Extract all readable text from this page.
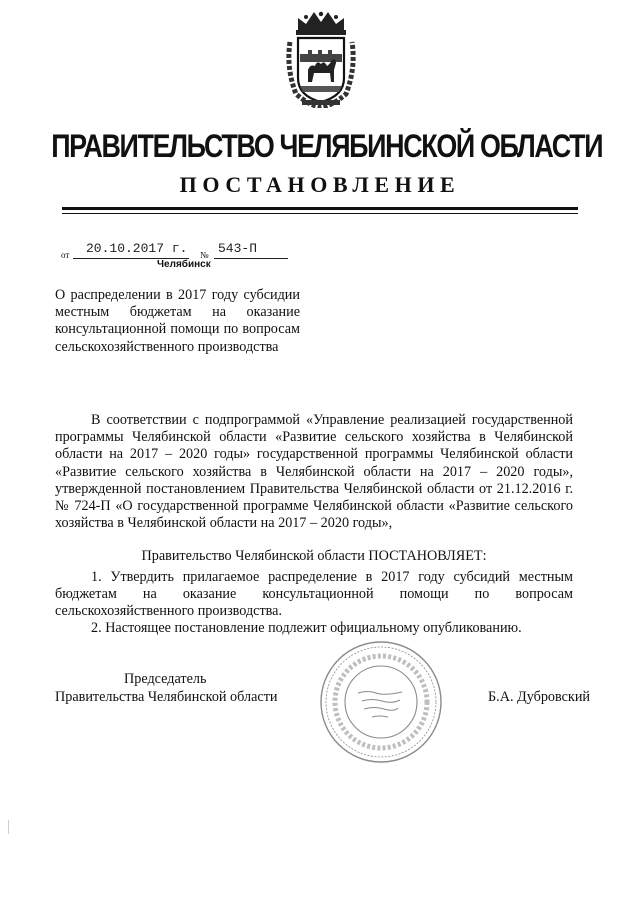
ПРАВИТЕЛЬСТВО ЧЕЛЯБИНСКОЙ ОБЛАСТИ
ПОСТАНОВЛЕНИЕ
от 20.10.2017 г. № 543-П
Челябинск
О распределении в 2017 году субсидии местным бюджетам на оказание консультационной помощи по вопросам сельскохозяйственного производства
В соответствии с подпрограммой «Управление реализацией государственной программы Челябинской области «Развитие сельского хозяйства в Челябинской области на 2017 – 2020 годы» государственной программы Челябинской области «Развитие сельского хозяйства в Челябинской области на 2017 – 2020 годы», утвержденной постановлением Правительства Челябинской области от 21.12.2016 г. № 724-П «О государственной программе Челябинской области «Развитие сельского хозяйства в Челябинской области на 2017 – 2020 годы»,
Правительство Челябинской области ПОСТАНОВЛЯЕТ:
1. Утвердить прилагаемое распределение в 2017 году субсидий местным бюджетам на оказание консультационной помощи по вопросам сельскохозяйственного производства.
2. Настоящее постановление подлежит официальному опубликованию.
Председатель
Правительства Челябинской области	Б.А. Дубровский
